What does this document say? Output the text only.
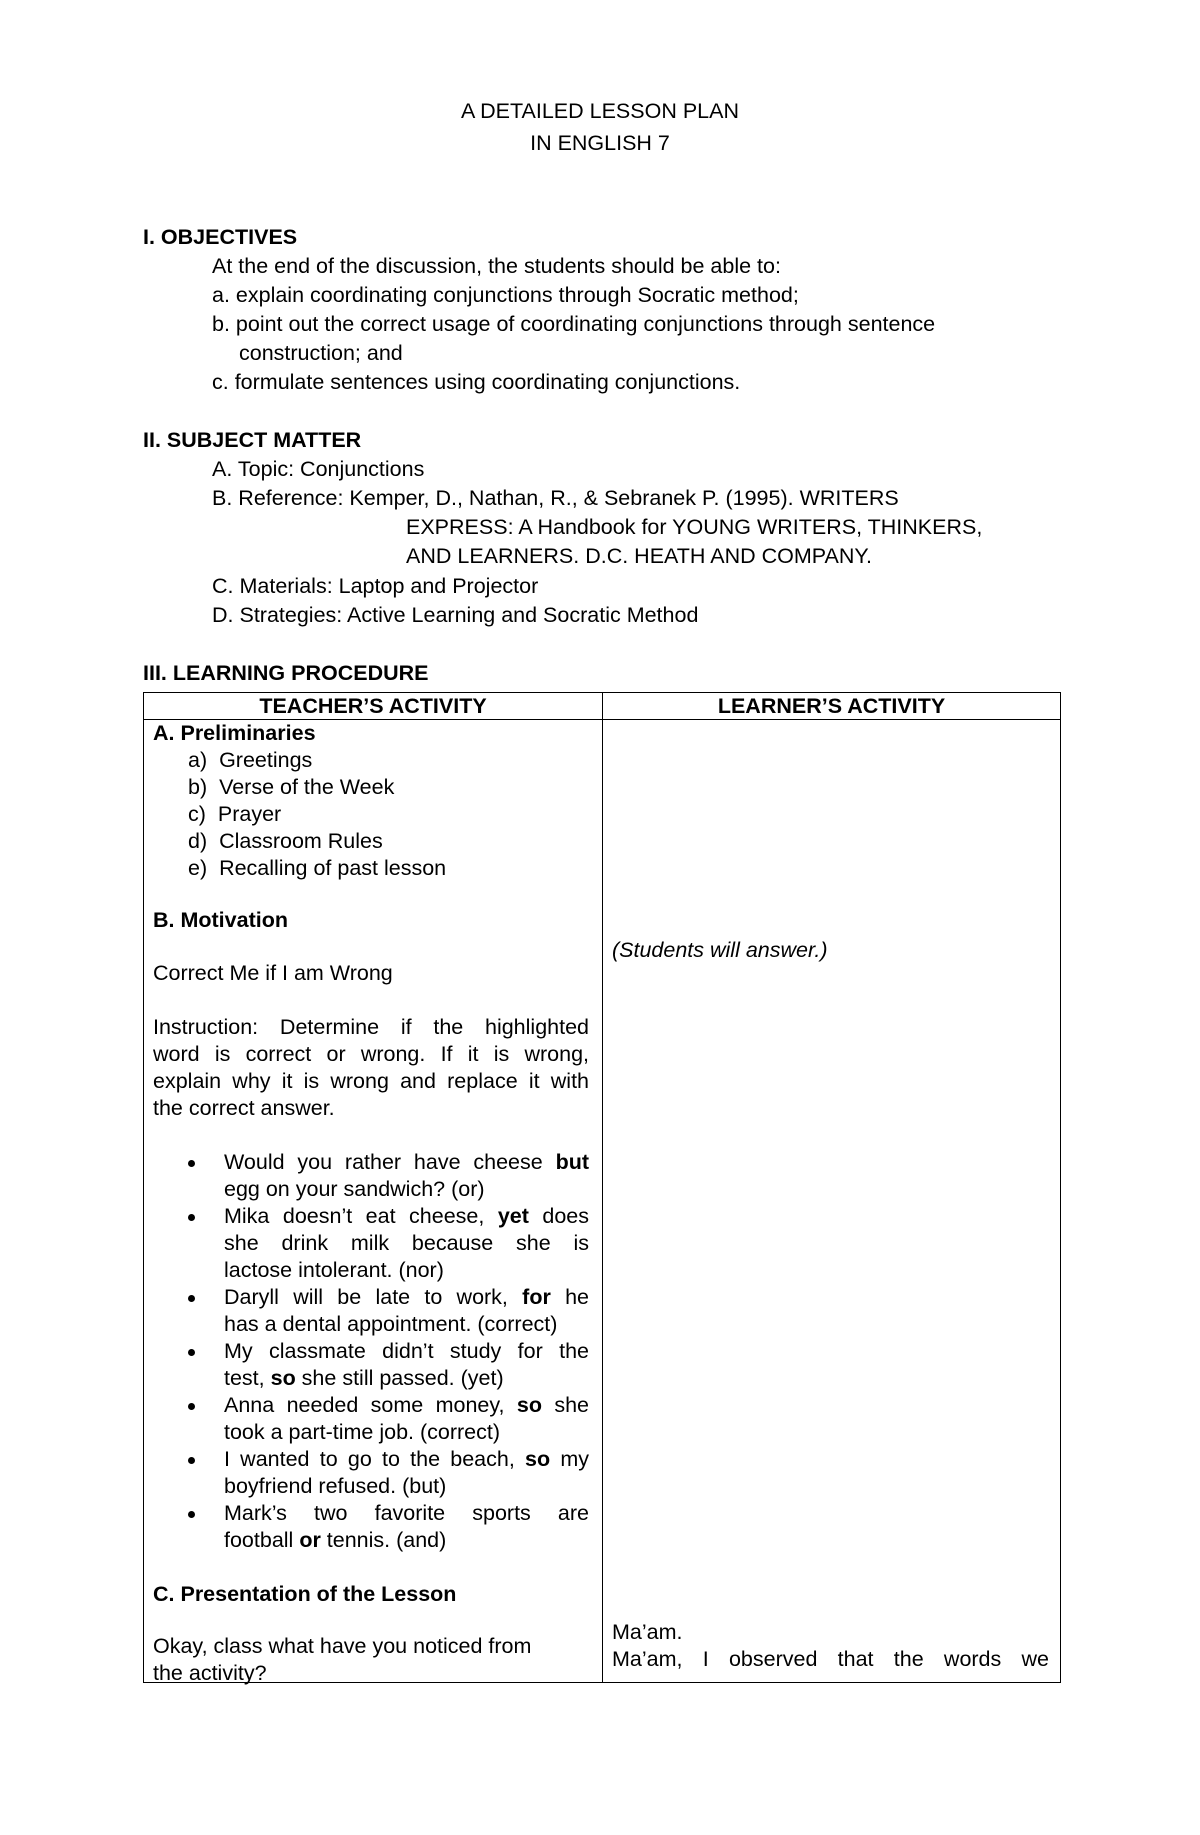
A DETAILED LESSON PLAN
IN ENGLISH 7
I. OBJECTIVES
At the end of the discussion, the students should be able to:
a. explain coordinating conjunctions through Socratic method;
b. point out the correct usage of coordinating conjunctions through sentence
construction; and
c. formulate sentences using coordinating conjunctions.
II. SUBJECT MATTER
A. Topic: Conjunctions
B. Reference: Kemper, D., Nathan, R., & Sebranek P. (1995). WRITERS
EXPRESS: A Handbook for YOUNG WRITERS, THINKERS,
AND LEARNERS. D.C. HEATH AND COMPANY.
C. Materials: Laptop and Projector
D. Strategies: Active Learning and Socratic Method
III. LEARNING PROCEDURE
TEACHER’S ACTIVITY	LEARNER’S ACTIVITY
A. Preliminaries
a)  Greetings
b)  Verse of the Week
c)  Prayer
d)  Classroom Rules
e)  Recalling of past lesson
B. Motivation
Correct Me if I am Wrong
Instruction: Determine if the highlighted
word is correct or wrong. If it is wrong,
explain why it is wrong and replace it with
the correct answer.
Would you rather have cheese but
egg on your sandwich? (or)
Mika doesn’t eat cheese, yet does
she drink milk because she is
lactose intolerant. (nor)
Daryll will be late to work, for he
has a dental appointment. (correct)
My classmate didn’t study for the
test, so she still passed. (yet)
Anna needed some money, so she
took a part-time job. (correct)
I wanted to go to the beach, so my
boyfriend refused. (but)
Mark’s two favorite sports are
football or tennis. (and)
C. Presentation of the Lesson
Okay, class what have you noticed from
the activity?
(Students will answer.)
Ma’am.
Ma’am, I observed that the words we
